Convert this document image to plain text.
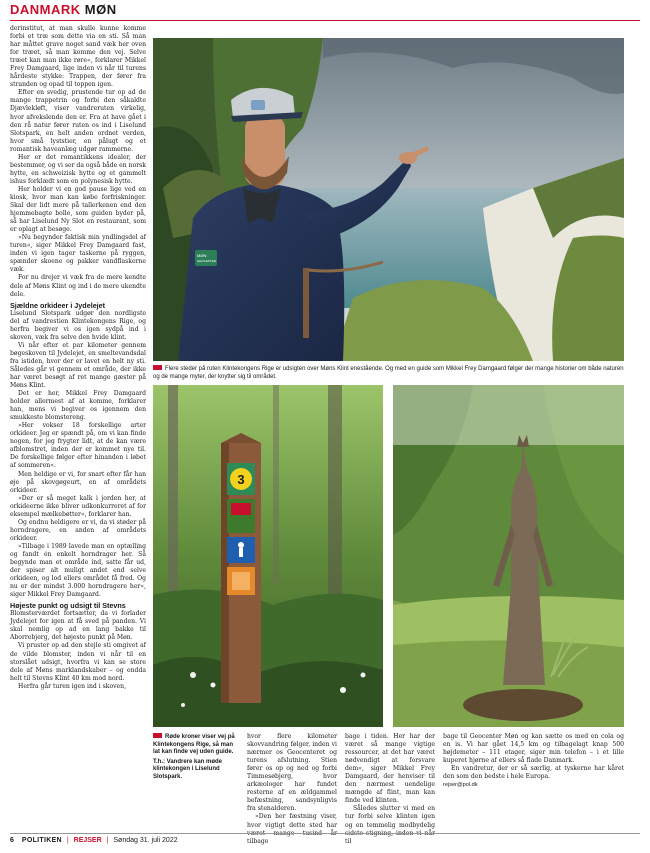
DANMARK MØN

derinstitut, at man skulle kunne komme forbi et træ som dette via en sti. Så man har måttet grave noget sand væk her oven for træet, så man komme den vej. Selve træet kan man ikke røre«, forklarer Mikkel Frey Damgaard, lige inden vi når til turens hårdeste stykke: Trappen, der fører fra stranden og opad til toppen igen.

Efter en svedig, prustende tur op ad de mange trappetrin og forbi den såkaldte Djævlekløft, viser vandreruten virkelig, hvor afvekslende den er. Fra at have gået i den rå natur fører ruten os ind i Liselund Slotspark, en helt anden ordnet verden, hvor små lyststiеr, en pålugt og et romantisk haveanlæg udgør rammerne.

Her er det romantikkens idealer, der bestemmer, og vi ser da også både en norsk hytte, en schweizisk hytte og et gammelt ishus forklædt som en polynesisk hytte.

Her holder vi en god pause lige ved en kiosk, hvor man kan købe forfriskninger. Skal der lidt mere på tallerkenen end den hjemmebagte bolle, som guiden byder på, så har Liselund Ny Slot en restaurant, som er oplagt at besøge.

»Nu begynder faktisk min yndlingsdel af turen«, siger Mikkel Frey Damgaard fast, inden vi igen tager taskerne på ryggen, spænder skoene og pakker vandflaskerne væk.

For nu drejer vi væk fra de mere kendte dele af Møns Klint og ind i de mere ukendte dele.

Sjældne orkideer i Jydelejet

Liselund Slotspark udgør den nordligste del af vandrestien Klintekongens Rige, og herfra begiver vi os igen sydpå ind i skoven, væk fra selve den hvide klint.

Vi når efter et par kilometer gennem bøgeskoven til Jydelejet, en smeltevandsdal fra istiden, hvor der er lavet en helt ny sti. Således går vi gennem et område, der ikke har været besøgt af ret mange gæster på Møns Klint.

Det er her, Mikkel Frey Damgaard holder allermest af at komme, forklarer han, mens vi begiver os igennem den smukkeste blomstereng.

»Her vokser 18 forskellige arter orkideer. Jeg er spændt på, om vi kan finde nogen, for jeg frygter lidt, at de kan være afblomstret, inden der er kommet nye til. De forskellige følger efter hinanden i løbet af sommeren«.

Men heldige er vi, for snart efter får han øje på skovgøgeurt, en af områdets orkideer.

»Der er så meget kalk i jorden her, at orkideerne ikke bliver udkonkurreret af for eksempel mælkebøtter«, forklarer han.

Og endnu heldigere er vi, da vi støder på horndragere, en anden af områdets orkideer.

»Tilbage i 1989 lavede man en optælling og fandt én enkelt horndrager her. Så begynde man et område ind, satte får ud, der spiser alt muligt andet end selve orkideen, og lod ellers området få fred. Og nu er der mindst 3.000 horndragere her«, siger Mikkel Frey Damgaard.

Højeste punkt og udsigt til Stevns

Blomsterværdet fortsætter, da vi forlader Jydelejet for igen at få sved på panden. Vi skal nemlig op ad en lang bakke til Aborrebjerg, det højeste punkt på Møn.

Vi pruster op ad den stejle sti omgivet af de vilde blomster, inden vi når til en storslået udsigt, hvorfra vi kan se store dele af Møns marklandskaber – og endda helt til Stevns Klint 40 km mod nord.

Herfra går turen igen ind i skoven,

MØN
GEOCENTER
Flere steder på ruten Klintekongens Rige er udsigten over Møns Klint enestående. Og med en guide som Mikkel Frey Damgaard følger der mange historier om både naturen og de mange myter, der knytter sig til området.
3
Røde kroner viser vej på Klintekongens Rige, så man lat kan finde vej uden guide.
T.h.: Vandrere kan møde klintekongen i Liselund Slotspark.

hvor flere kilometer skovvandring følger, inden vi nærmer os Geocenteret og turens afslutning. Stien fører os op og ned og forbi Timmesøbjerg, hvor arkæologer har fundet resterne af en ældgammel befæstning, sandsynligvis fra stenalderen.

»Den her fæstning viser, hvor vigtigt dette sted har været mange tusind år tilbage

bage i tiden. Her har der været så mange vigtige ressourcer, at det har været nødvendigt at forsvare dem«, siger Mikkel Frey Damgaard, der henviser til den nærmest uendelige mængde af flint, man kan finde ved klinten.

Således slutter vi med en tur forbi selve klinten igen og en temmelig modbydelig sidste stigning, inden vi når til

bage til Geocenter Møn og kan sætte os med en cola og en is. Vi har gået 14,5 km og tilbagelagt knap 500 højdemeter – 111 etager, siger min telefon – i et lille kuperet hjørne af ellers så flade Danmark.

En vandretur, der er så særlig, at tyskerne har kåret den som den bedste i hele Europa.

rejser@pol.dk
6 POLITIKEN | REJSER | Søndag 31. juli 2022
